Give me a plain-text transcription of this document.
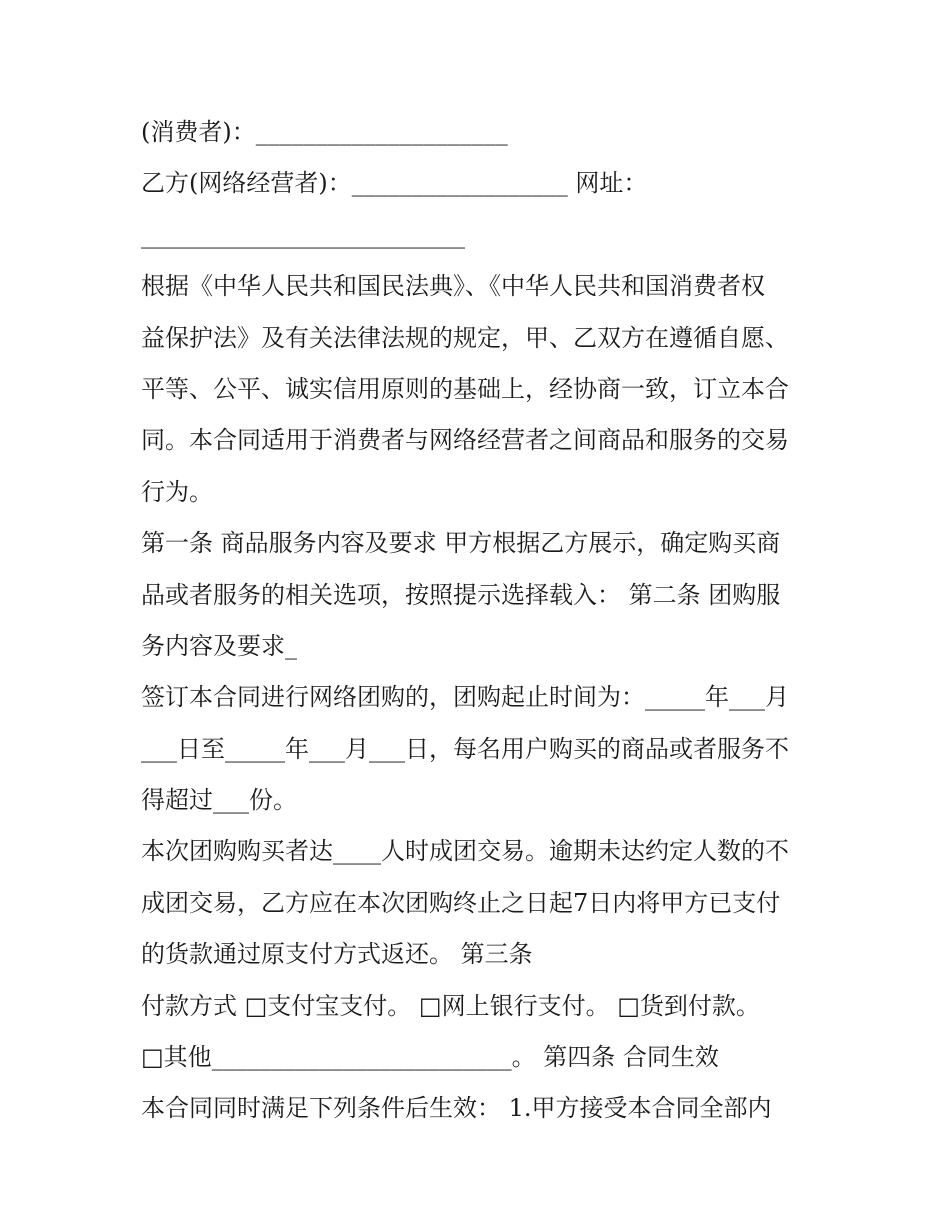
(消费者)：_____________________
乙方(网络经营者)：__________________ 网址：
___________________________
根据《中华人民共和国民法典》、《中华人民共和国消费者权
益保护法》及有关法律法规的规定，甲、乙双方在遵循自愿、
平等、公平、诚实信用原则的基础上，经协商一致，订立本合
同。本合同适用于消费者与网络经营者之间商品和服务的交易
行为。
第一条 商品服务内容及要求 甲方根据乙方展示，确定购买商
品或者服务的相关选项，按照提示选择载入： 第二条 团购服
务内容及要求_
签订本合同进行网络团购的，团购起止时间为：_____年___月
___日至_____年___月___日，每名用户购买的商品或者服务不
得超过___份。
本次团购购买者达____人时成团交易。逾期未达约定人数的不
成团交易，乙方应在本次团购终止之日起7日内将甲方已支付
的货款通过原支付方式返还。 第三条
付款方式 □支付宝支付。 □网上银行支付。 □货到付款。
□其他_________________________。 第四条 合同生效
本合同同时满足下列条件后生效： 1.甲方接受本合同全部内
